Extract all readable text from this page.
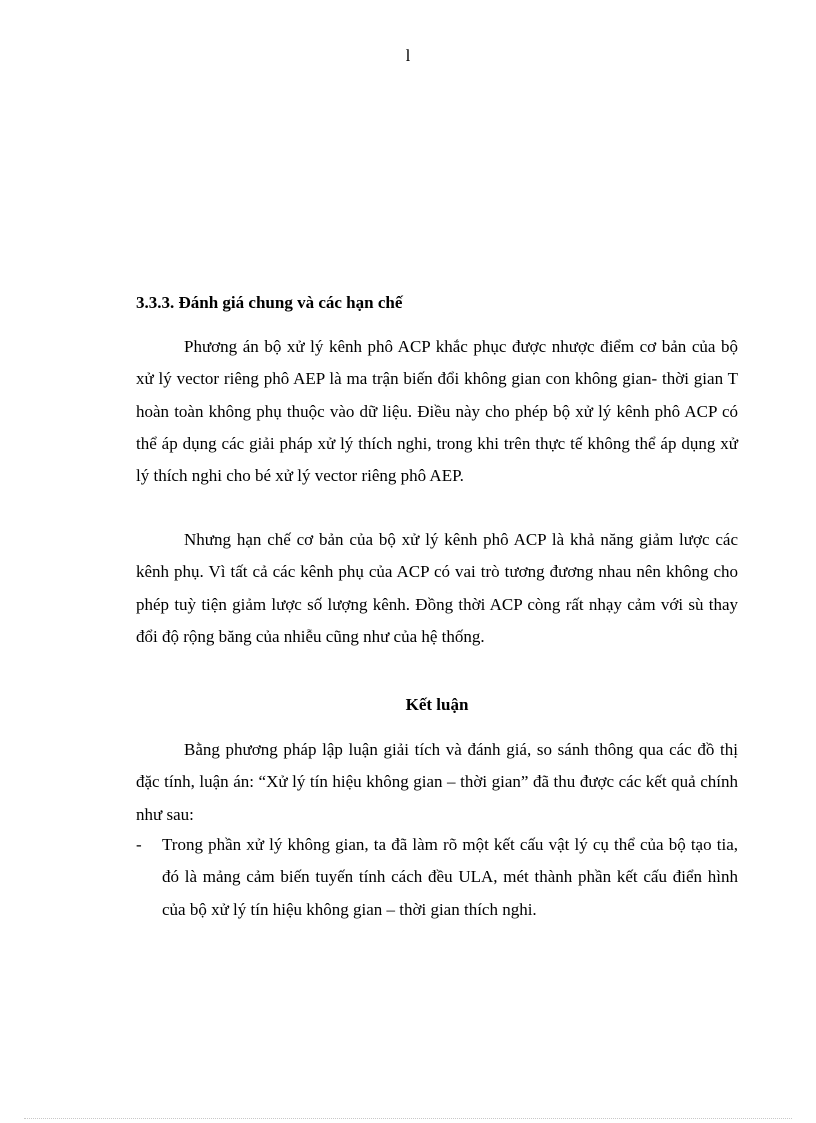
l
3.3.3. Đánh giá chung và các hạn chế

Phương án bộ xử lý kênh phô ACP khắc phục được nhược điểm cơ bản của bộ xử lý vector riêng phô AEP là ma trận biến đổi không gian con không gian- thời gian T hoàn toàn không phụ thuộc vào dữ liệu. Điều này cho phép bộ xử lý kênh phô ACP có thể áp dụng các giải pháp xử lý thích nghi, trong khi trên thực tế không thể áp dụng xử lý thích nghi cho bé xử lý vector riêng phô AEP.

Nhưng hạn chế cơ bản của bộ xử lý kênh phô ACP là khả năng giảm lược các kênh phụ. Vì tất cả các kênh phụ của ACP có vai trò tương đương nhau nên không cho phép tuỳ tiện giảm lược số lượng kênh. Đồng thời ACP còng rất nhạy cảm với sù thay đổi độ rộng băng của nhiễu cũng như của hệ thống.

Kết luận

Bằng phương pháp lập luận giải tích và đánh giá, so sánh thông qua các đồ thị đặc tính, luận án: “Xử lý tín hiệu không gian – thời gian” đã thu được các kết quả chính như sau:

- Trong phần xử lý không gian, ta đã làm rõ một kết cấu vật lý cụ thể của bộ tạo tia, đó là mảng cảm biến tuyến tính cách đều ULA, mét thành phần kết cấu điển hình của bộ xử lý tín hiệu không gian – thời gian thích nghi.
